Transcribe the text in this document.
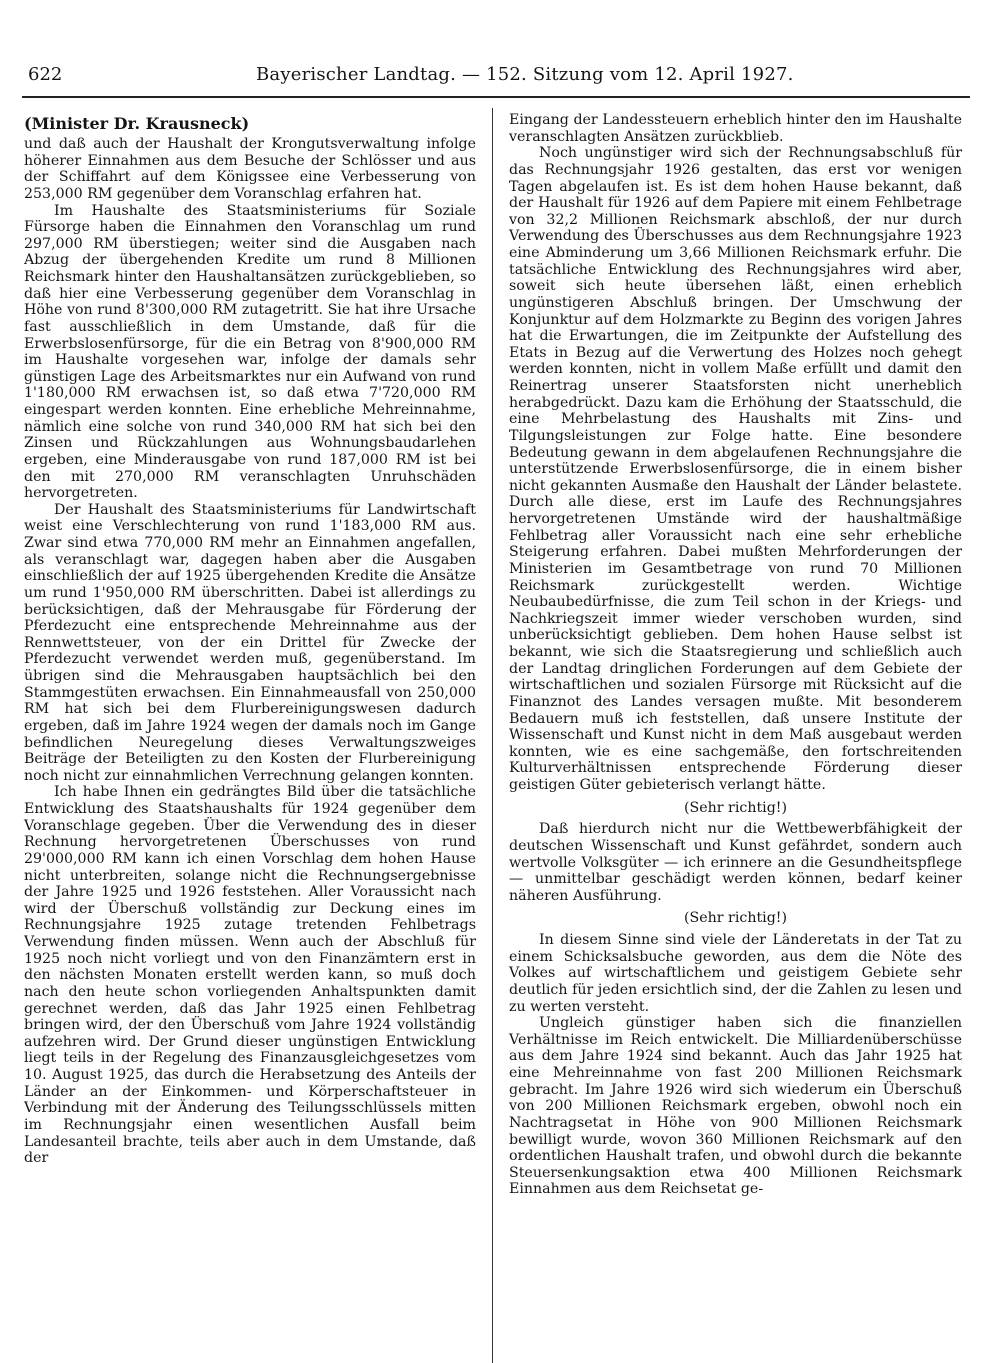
622	Bayerischer Landtag. — 152. Sitzung vom 12. April 1927.

(Minister Dr. Krausneck)

und daß auch der Haushalt der Krongutsverwaltung infolge höherer Einnahmen aus dem Besuche der Schlösser und aus der Schiffahrt auf dem Königssee eine Verbesserung von 253,000 RM gegenüber dem Voranschlag erfahren hat.

Im Haushalte des Staatsministeriums für Soziale Fürsorge haben die Einnahmen den Voranschlag um rund 297,000 RM überstiegen; weiter sind die Ausgaben nach Abzug der übergehenden Kredite um rund 8 Millionen Reichsmark hinter den Haushaltansätzen zurückgeblieben, so daß hier eine Verbesserung gegenüber dem Voranschlag in Höhe von rund 8'300,000 RM zutagetritt. Sie hat ihre Ursache fast ausschließlich in dem Umstande, daß für die Erwerbslosenfürsorge, für die ein Betrag von 8'900,000 RM im Haushalte vorgesehen war, infolge der damals sehr günstigen Lage des Arbeitsmarktes nur ein Aufwand von rund 1'180,000 RM erwachsen ist, so daß etwa 7'720,000 RM eingespart werden konnten. Eine erhebliche Mehreinnahme, nämlich eine solche von rund 340,000 RM hat sich bei den Zinsen und Rückzahlungen aus Wohnungsbaudarlehen ergeben, eine Minderausgabe von rund 187,000 RM ist bei den mit 270,000 RM veranschlagten Unruhschäden hervorgetreten.

Der Haushalt des Staatsministeriums für Landwirtschaft weist eine Verschlechterung von rund 1'183,000 RM aus. Zwar sind etwa 770,000 RM mehr an Einnahmen angefallen, als veranschlagt war, dagegen haben aber die Ausgaben einschließlich der auf 1925 übergehenden Kredite die Ansätze um rund 1'950,000 RM überschritten. Dabei ist allerdings zu berücksichtigen, daß der Mehrausgabe für Förderung der Pferdezucht eine entsprechende Mehreinnahme aus der Rennwettsteuer, von der ein Drittel für Zwecke der Pferdezucht verwendet werden muß, gegenüberstand. Im übrigen sind die Mehrausgaben hauptsächlich bei den Stammgestüten erwachsen. Ein Einnahmeausfall von 250,000 RM hat sich bei dem Flurbereinigungswesen dadurch ergeben, daß im Jahre 1924 wegen der damals noch im Gange befindlichen Neuregelung dieses Verwaltungszweiges Beiträge der Beteiligten zu den Kosten der Flurbereinigung noch nicht zur einnahmlichen Verrechnung gelangen konnten.

Ich habe Ihnen ein gedrängtes Bild über die tatsächliche Entwicklung des Staatshaushalts für 1924 gegenüber dem Voranschlage gegeben. Über die Verwendung des in dieser Rechnung hervorgetretenen Überschusses von rund 29'000,000 RM kann ich einen Vorschlag dem hohen Hause nicht unterbreiten, solange nicht die Rechnungsergebnisse der Jahre 1925 und 1926 feststehen. Aller Voraussicht nach wird der Überschuß vollständig zur Deckung eines im Rechnungsjahre 1925 zutage tretenden Fehlbetrags Verwendung finden müssen. Wenn auch der Abschluß für 1925 noch nicht vorliegt und von den Finanzämtern erst in den nächsten Monaten erstellt werden kann, so muß doch nach den heute schon vorliegenden Anhaltspunkten damit gerechnet werden, daß das Jahr 1925 einen Fehlbetrag bringen wird, der den Überschuß vom Jahre 1924 vollständig aufzehren wird. Der Grund dieser ungünstigen Entwicklung liegt teils in der Regelung des Finanzausgleichgesetzes vom 10. August 1925, das durch die Herabsetzung des Anteils der Länder an der Einkommen- und Körperschaftsteuer in Verbindung mit der Änderung des Teilungsschlüssels mitten im Rechnungsjahr einen wesentlichen Ausfall beim Landesanteil brachte, teils aber auch in dem Umstande, daß der

Eingang der Landessteuern erheblich hinter den im Haushalte veranschlagten Ansätzen zurückblieb.

Noch ungünstiger wird sich der Rechnungsabschluß für das Rechnungsjahr 1926 gestalten, das erst vor wenigen Tagen abgelaufen ist. Es ist dem hohen Hause bekannt, daß der Haushalt für 1926 auf dem Papiere mit einem Fehlbetrage von 32,2 Millionen Reichsmark abschloß, der nur durch Verwendung des Überschusses aus dem Rechnungsjahre 1923 eine Abminderung um 3,66 Millionen Reichsmark erfuhr. Die tatsächliche Entwicklung des Rechnungsjahres wird aber, soweit sich heute übersehen läßt, einen erheblich ungünstigeren Abschluß bringen. Der Umschwung der Konjunktur auf dem Holzmarkte zu Beginn des vorigen Jahres hat die Erwartungen, die im Zeitpunkte der Aufstellung des Etats in Bezug auf die Verwertung des Holzes noch gehegt werden konnten, nicht in vollem Maße erfüllt und damit den Reinertrag unserer Staatsforsten nicht unerheblich herabgedrückt. Dazu kam die Erhöhung der Staatsschuld, die eine Mehrbelastung des Haushalts mit Zins- und Tilgungsleistungen zur Folge hatte. Eine besondere Bedeutung gewann in dem abgelaufenen Rechnungsjahre die unterstützende Erwerbslosenfürsorge, die in einem bisher nicht gekannten Ausmaße den Haushalt der Länder belastete. Durch alle diese, erst im Laufe des Rechnungsjahres hervorgetretenen Umstände wird der haushaltmäßige Fehlbetrag aller Voraussicht nach eine sehr erhebliche Steigerung erfahren. Dabei mußten Mehrforderungen der Ministerien im Gesamtbetrage von rund 70 Millionen Reichsmark zurückgestellt werden. Wichtige Neubaubedürfnisse, die zum Teil schon in der Kriegs- und Nachkriegszeit immer wieder verschoben wurden, sind unberücksichtigt geblieben. Dem hohen Hause selbst ist bekannt, wie sich die Staatsregierung und schließlich auch der Landtag dringlichen Forderungen auf dem Gebiete der wirtschaftlichen und sozialen Fürsorge mit Rücksicht auf die Finanznot des Landes versagen mußte. Mit besonderem Bedauern muß ich feststellen, daß unsere Institute der Wissenschaft und Kunst nicht in dem Maß ausgebaut werden konnten, wie es eine sachgemäße, den fortschreitenden Kulturverhältnissen entsprechende Förderung dieser geistigen Güter gebieterisch verlangt hätte.

(Sehr richtig!)

Daß hierdurch nicht nur die Wettbewerbfähigkeit der deutschen Wissenschaft und Kunst gefährdet, sondern auch wertvolle Volksgüter — ich erinnere an die Gesundheitspflege — unmittelbar geschädigt werden können, bedarf keiner näheren Ausführung.

(Sehr richtig!)

In diesem Sinne sind viele der Länderetats in der Tat zu einem Schicksalsbuche geworden, aus dem die Nöte des Volkes auf wirtschaftlichem und geistigem Gebiete sehr deutlich für jeden ersichtlich sind, der die Zahlen zu lesen und zu werten versteht.

Ungleich günstiger haben sich die finanziellen Verhältnisse im Reich entwickelt. Die Milliardenüberschüsse aus dem Jahre 1924 sind bekannt. Auch das Jahr 1925 hat eine Mehreinnahme von fast 200 Millionen Reichsmark gebracht. Im Jahre 1926 wird sich wiederum ein Überschuß von 200 Millionen Reichsmark ergeben, obwohl noch ein Nachtragsetat in Höhe von 900 Millionen Reichsmark bewilligt wurde, wovon 360 Millionen Reichsmark auf den ordentlichen Haushalt trafen, und obwohl durch die bekannte Steuersenkungsaktion etwa 400 Millionen Reichsmark Einnahmen aus dem Reichsetat ge-
